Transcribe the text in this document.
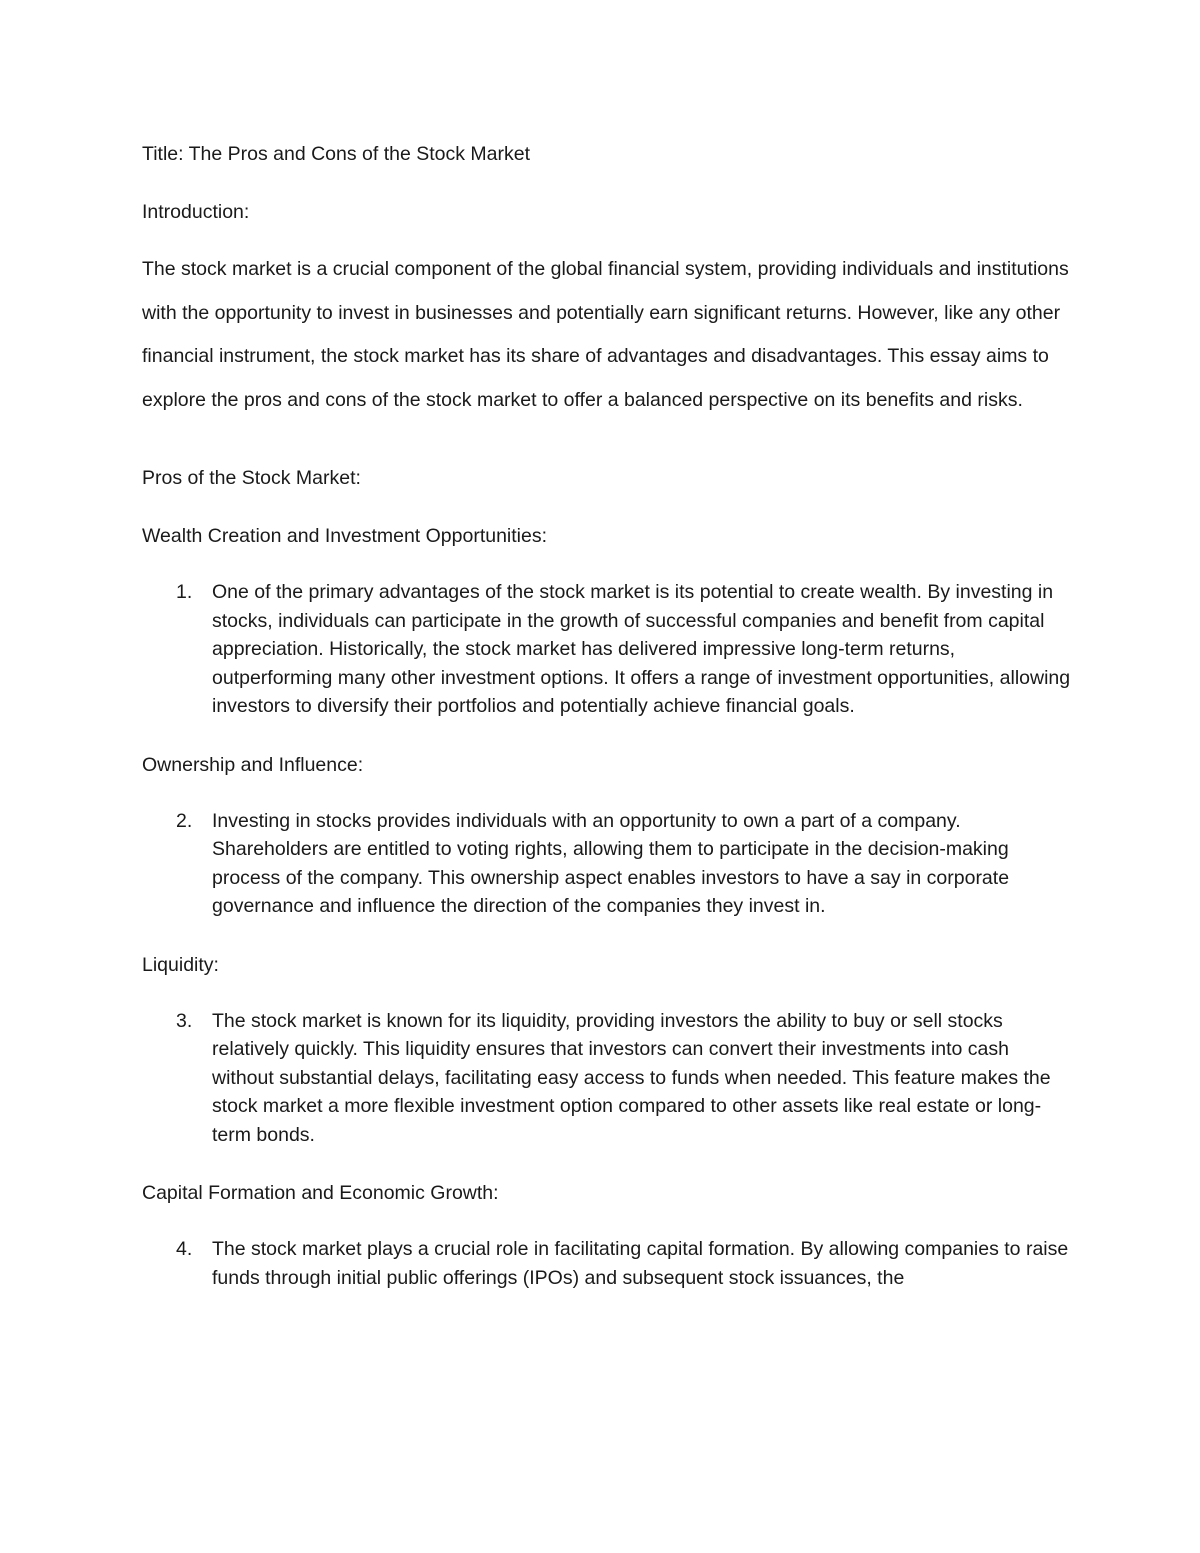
Title: The Pros and Cons of the Stock Market

Introduction:

The stock market is a crucial component of the global financial system, providing individuals and institutions with the opportunity to invest in businesses and potentially earn significant returns. However, like any other financial instrument, the stock market has its share of advantages and disadvantages. This essay aims to explore the pros and cons of the stock market to offer a balanced perspective on its benefits and risks.

Pros of the Stock Market:

Wealth Creation and Investment Opportunities:

1.	One of the primary advantages of the stock market is its potential to create wealth. By investing in stocks, individuals can participate in the growth of successful companies and benefit from capital appreciation. Historically, the stock market has delivered impressive long-term returns, outperforming many other investment options. It offers a range of investment opportunities, allowing investors to diversify their portfolios and potentially achieve financial goals.

Ownership and Influence:

2.	Investing in stocks provides individuals with an opportunity to own a part of a company. Shareholders are entitled to voting rights, allowing them to participate in the decision-making process of the company. This ownership aspect enables investors to have a say in corporate governance and influence the direction of the companies they invest in.

Liquidity:

3.	The stock market is known for its liquidity, providing investors the ability to buy or sell stocks relatively quickly. This liquidity ensures that investors can convert their investments into cash without substantial delays, facilitating easy access to funds when needed. This feature makes the stock market a more flexible investment option compared to other assets like real estate or long-term bonds.

Capital Formation and Economic Growth:

4.	The stock market plays a crucial role in facilitating capital formation. By allowing companies to raise funds through initial public offerings (IPOs) and subsequent stock issuances, the
